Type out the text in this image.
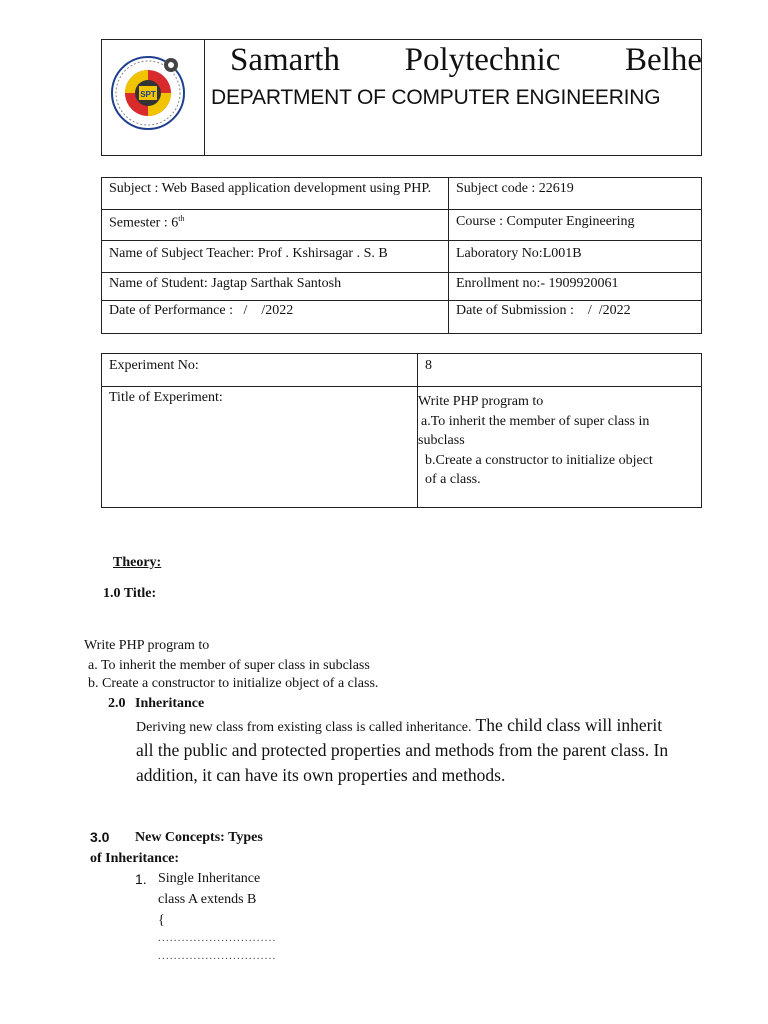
SPT
Samarth Polytechnic Belhe
DEPARTMENT OF COMPUTER ENGINEERING
Subject : Web Based application development using PHP.	Subject code : 22619
Semester : 6th	Course : Computer Engineering
Name of Subject Teacher: Prof . Kshirsagar . S. B	Laboratory No:L001B
Name of Student: Jagtap Sarthak Santosh	Enrollment no:- 1909920061
Date of Performance :   /    /2022	Date of Submission :    /  /2022
Experiment No:	8
Title of Experiment:	Write PHP program to
a.To inherit the member of super class in
subclass
b.Create a constructor to initialize object
of a class.
Theory:
1.0 Title:
Write PHP program to
a. To inherit the member of super class in subclass
b. Create a constructor to initialize object of a class.
2.0 Inheritance
Deriving new class from existing class is called inheritance. The child class will inherit
all the public and protected properties and methods from the parent class. In
addition, it can have its own properties and methods.
3.0 New Concepts: Types
of Inheritance:
1. Single Inheritance
class A extends B
{
..............................
..............................
